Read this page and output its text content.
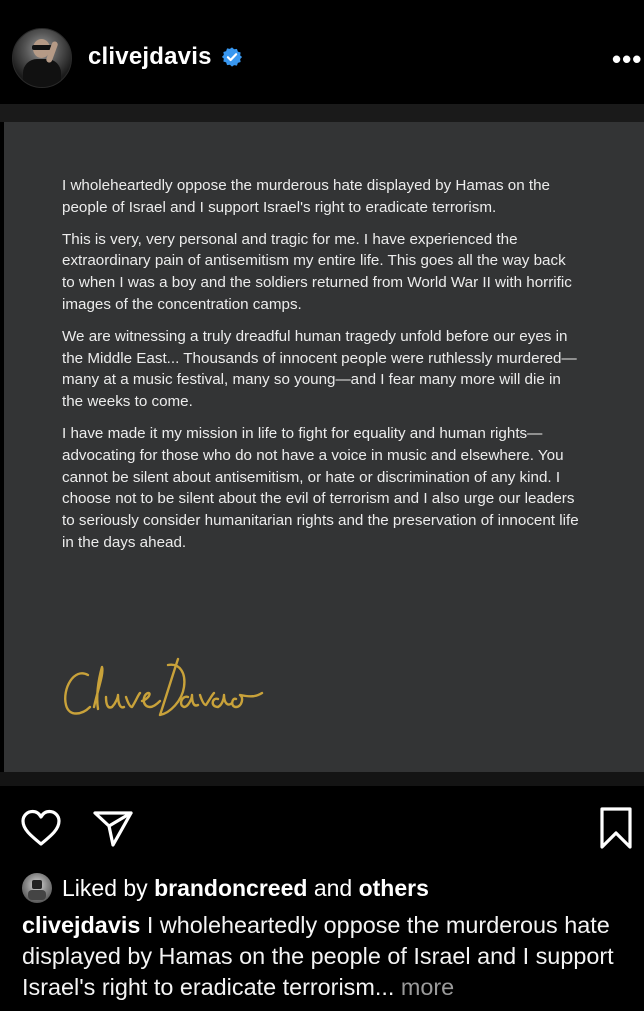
clivejdavis	•••

I wholeheartedly oppose the murderous hate displayed by Hamas on the people of Israel and I support Israel's right to eradicate terrorism.

This is very, very personal and tragic for me. I have experienced the extraordinary pain of antisemitism my entire life. This goes all the way back to when I was a boy and the soldiers returned from World War II with horrific images of the concentration camps.

We are witnessing a truly dreadful human tragedy unfold before our eyes in the Middle East... Thousands of innocent people were ruthlessly murdered—many at a music festival, many so young—and I fear many more will die in the weeks to come.

I have made it my mission in life to fight for equality and human rights—advocating for those who do not have a voice in music and elsewhere. You cannot be silent about antisemitism, or hate or discrimination of any kind. I choose not to be silent about the evil of terrorism and I also urge our leaders to seriously consider humanitarian rights and the preservation of innocent life in the days ahead.

Liked by brandoncreed and others
clivejdavis I wholeheartedly oppose the murderous hate displayed by Hamas on the people of Israel and I support Israel's right to eradicate terrorism... more
